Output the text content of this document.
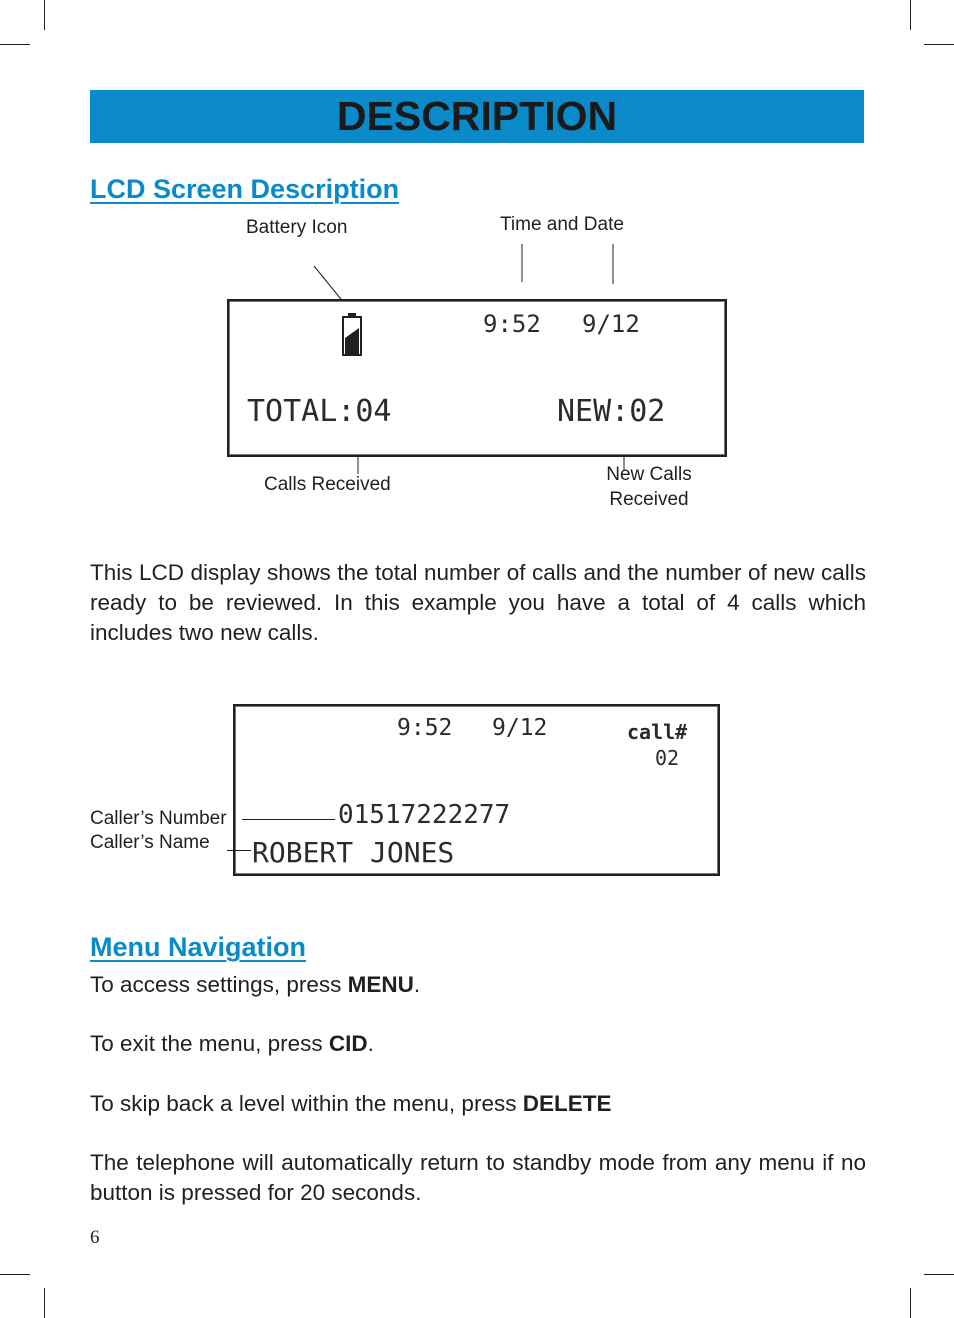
DESCRIPTION
LCD Screen Description
Battery Icon	Time and Date
9:52 9/12
TOTAL:04	NEW:02
Calls Received	New Calls
Received
This LCD display shows the total number of calls and the number of new calls ready to be reviewed. In this example you have a total of 4 calls which includes two new calls.
9:52 9/12	call#
02
01517222277
ROBERT JONES
Caller’s Number
Caller’s Name
Menu Navigation
To access settings, press MENU.
To exit the menu, press CID.
To skip back a level within the menu, press DELETE
The telephone will automatically return to standby mode from any menu if no button is pressed for 20 seconds.
6
